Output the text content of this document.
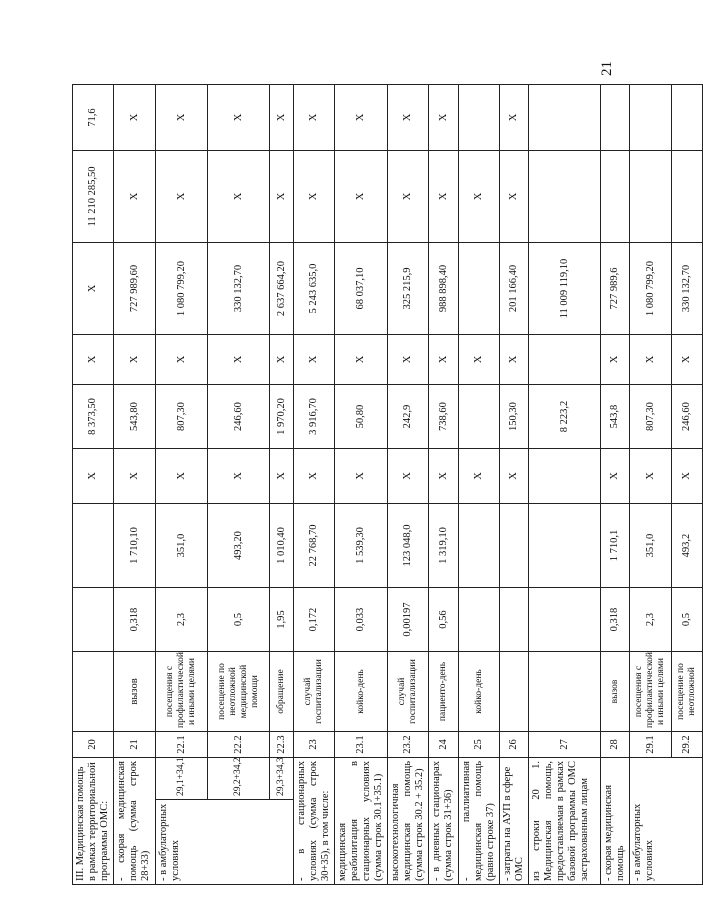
21
III. Медицинская помощь в рамках территориальной программы ОМС:		20				X	8 373,50	X	X	11 210 285,50	71,6
- скорая медицинская помощь (сумма строк 28+33)		21	вызов	0,318	1 710,10	X	543,80	X	727 989,60	X	X
- в амбулаторных условиях	29,1+34,1	22.1	посещения с профилактической и иными целями	2,3	351,0	X	807,30	X	1 080 799,20	X	X
	29,2+34,2	22.2	посещение по неотложной медицинской помощи	0,5	493,20	X	246,60	X	330 132,70	X	X
	29,3+34,3	22.3	обращение	1,95	1 010,40	X	1 970,20	X	2 637 664,20	X	X
- в стационарных условиях (сумма строк 30+35), в том числе:		23	случай госпитализации	0,172	22 768,70	X	3 916,70	X	5 243 635,0	X	X
медицинская реабилитация в стационарных условиях (сумма строк 30.1+35.1)		23.1	койко-день	0,033	1 539,30	X	50,80	X	68 037,10	X	X
высокотехнологичная медицинская помощь (сумма строк 30.2 + 35.2)		23.2	случай госпитализации	0,00197	123 048,0	X	242,9	X	325 215,9	X	X
- в дневных стационарах (сумма строк 31+36)		24	пациенто-день	0,56	1 319,10	X	738,60	X	988 898,40	X	X
- паллиативная медицинская помощь (равно строке 37)		25	койко-день			X		X		X	
- затраты на АУП в сфере ОМС		26				X	150,30	X	201 166,40	X	X
из строки 20 1. Медицинская помощь, предоставляемая в рамках базовой программы ОМС застрахованным лицам		27					8 223,2		11 009 119,10		
- скорая медицинская помощь		28	вызов	0,318	1 710,1	X	543,8	X	727 989,6		
- в амбулаторных условиях		29.1	посещения с профилактической и иными целями	2,3	351,0	X	807,30	X	1 080 799,20		
		29.2	посещение по неотложной	0,5	493,2	X	246,60	X	330 132,70		
